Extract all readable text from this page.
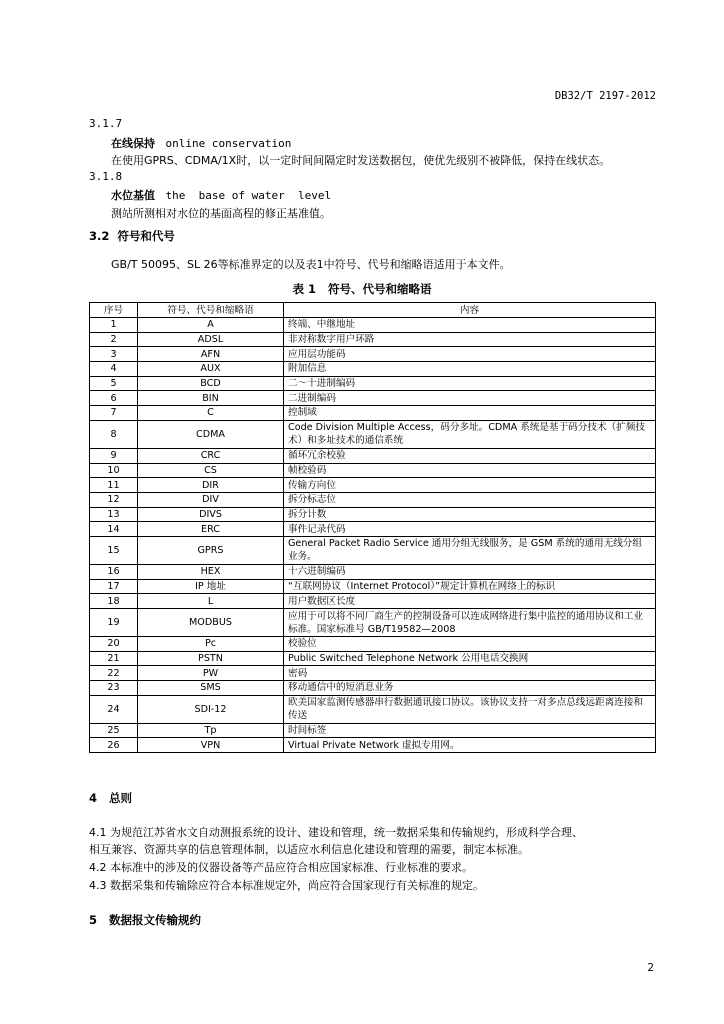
DB32/T 2197-2012
3.1.7
在线保持 online conservation
在使用GPRS、CDMA/1X时，以一定时间间隔定时发送数据包，使优先级别不被降低，保持在线状态。
3.1.8
水位基值 the  base of water  level
测站所测相对水位的基面高程的修正基准值。
3.2  符号和代号
GB/T 50095、SL 26等标准界定的以及表1中符号、代号和缩略语适用于本文件。
表 1   符号、代号和缩略语
序号	符号、代号和缩略语	内容
1	A	终端、中继地址
2	ADSL	非对称数字用户环路
3	AFN	应用层功能码
4	AUX	附加信息
5	BCD	二～十进制编码
6	BIN	二进制编码
7	C	控制域
8	CDMA	Code Division Multiple Access，码分多址。CDMA 系统是基于码分技术（扩频技术）和多址技术的通信系统
9	CRC	循环冗余校验
10	CS	帧校验码
11	DIR	传输方向位
12	DIV	拆分标志位
13	DIVS	拆分计数
14	ERC	事件记录代码
15	GPRS	General Packet Radio Service 通用分组无线服务，是 GSM 系统的通用无线分组业务。
16	HEX	十六进制编码
17	IP 地址	“互联网协议（Internet Protocol）”规定计算机在网络上的标识
18	L	用户数据区长度
19	MODBUS	应用于可以将不同厂商生产的控制设备可以连成网络进行集中监控的通用协议和工业标准。国家标准号 GB/T19582—2008
20	Pc	校验位
21	PSTN	Public Switched Telephone Network 公用电话交换网
22	PW	密码
23	SMS	移动通信中的短消息业务
24	SDI-12	欧美国家监测传感器串行数据通讯接口协议。该协议支持一对多点总线远距离连接和传送
25	Tp	时间标签
26	VPN	Virtual Private Network 虚拟专用网。
4   总则
4.1 为规范江苏省水文自动测报系统的设计、建设和管理，统一数据采集和传输规约，形成科学合理、
相互兼容、资源共享的信息管理体制，以适应水利信息化建设和管理的需要，制定本标准。
4.2 本标准中的涉及的仪器设备等产品应符合相应国家标准、行业标准的要求。
4.3 数据采集和传输除应符合本标准规定外，尚应符合国家现行有关标准的规定。
5   数据报文传输规约
2
